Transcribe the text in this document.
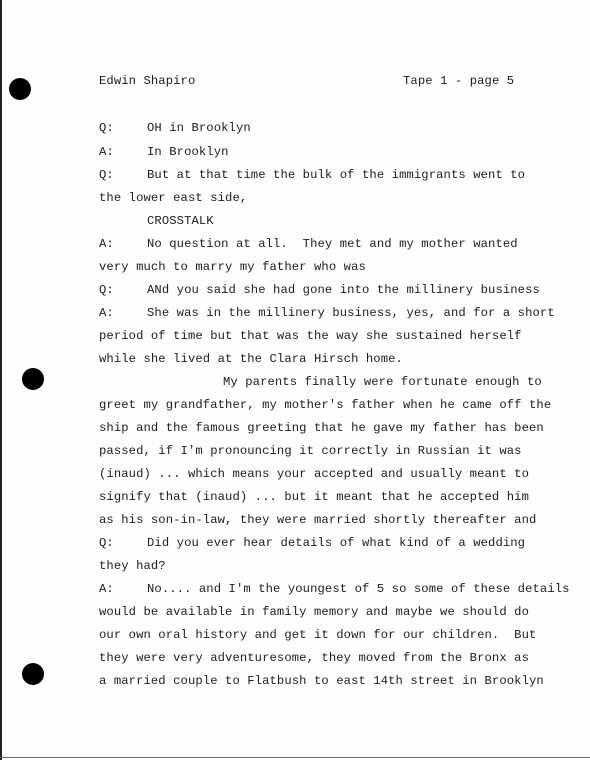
Edwin Shapiro	Tape 1 - page 5
Q:	OH in Brooklyn
A:	In Brooklyn
Q:	But at that time the bulk of the immigrants went to
the lower east side,
CROSSTALK
A:	No question at all.  They met and my mother wanted
very much to marry my father who was
Q:	ANd you said she had gone into the millinery business
A:	She was in the millinery business, yes, and for a short
period of time but that was the way she sustained herself
while she lived at the Clara Hirsch home.
My parents finally were fortunate enough to
greet my grandfather, my mother's father when he came off the
ship and the famous greeting that he gave my father has been
passed, if I'm pronouncing it correctly in Russian it was
(inaud) ... which means your accepted and usually meant to
signify that (inaud) ... but it meant that he accepted him
as his son-in-law, they were married shortly thereafter and
Q:	Did you ever hear details of what kind of a wedding
they had?
A:	No.... and I'm the youngest of 5 so some of these details
would be available in family memory and maybe we should do
our own oral history and get it down for our children.  But
they were very adventuresome, they moved from the Bronx as
a married couple to Flatbush to east 14th street in Brooklyn
